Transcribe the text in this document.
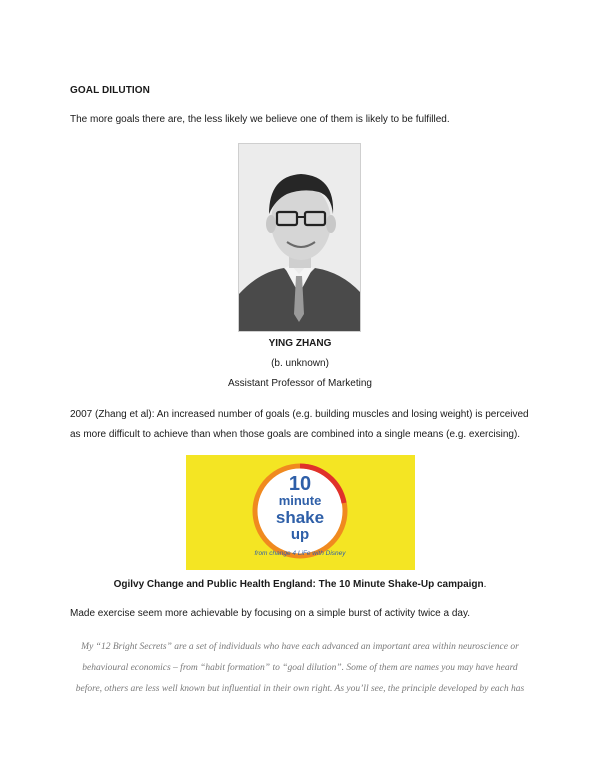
GOAL DILUTION
The more goals there are, the less likely we believe one of them is likely to be fulfilled.
YING ZHANG
(b. unknown)
Assistant Professor of Marketing
2007 (Zhang et al): An increased number of goals (e.g. building muscles and losing weight) is perceived
as more difficult to achieve than when those goals are combined into a single means (e.g. exercising).
10
minute
shake
up
from change 4 LiFe with Disney
Ogilvy Change and Public Health England: The 10 Minute Shake-Up campaign.
Made exercise seem more achievable by focusing on a simple burst of activity twice a day.
My “12 Bright Secrets” are a set of individuals who have each advanced an important area within neuroscience or
behavioural economics – from “habit formation” to “goal dilution”. Some of them are names you may have heard
before, others are less well known but influential in their own right. As you’ll see, the principle developed by each has
